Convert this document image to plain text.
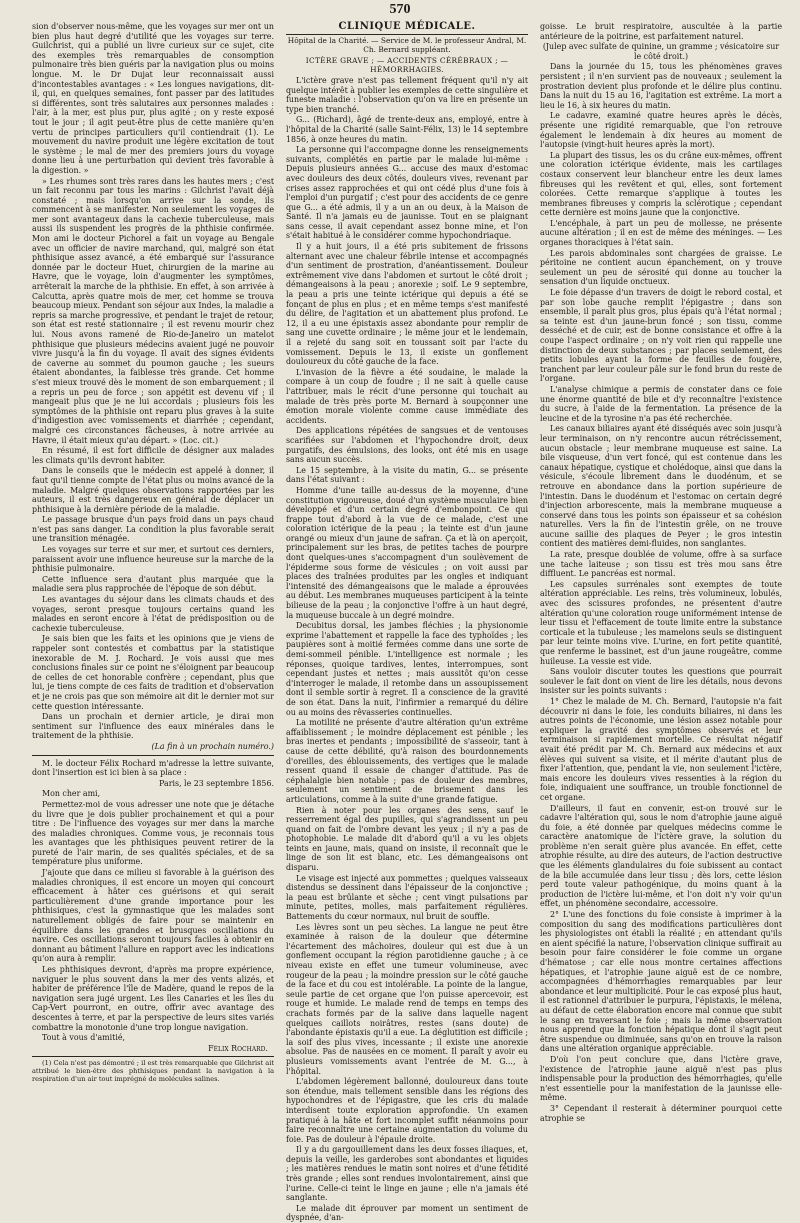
570

sion d'observer nous-même, que les voyages sur mer ont un bien plus haut degré d'utilité que les voyages sur terre. Guilchrist, qui a publié un livre curieux sur ce sujet, cite des exemples très remarquables de consomption pulmonaire très bien guéris par la navigation plus ou moins longue. M. le Dr Dujat leur reconnaissait aussi d'incontestables avantages : « Les longues navigations, dit-il, qui, en quelques semaines, font passer par des latitudes si différentes, sont très salutaires aux personnes malades : l'air, à la mer, est plus pur, plus agité ; on y reste exposé tout le jour ; il agit peut-être plus de cette manière qu'en vertu de principes particuliers qu'il contiendrait (1). Le mouvement du navire produit une légère excitation de tout le système ; le mal de mer des premiers jours du voyage donne lieu à une perturbation qui devient très favorable à la digestion. »

» Les rhumes sont très rares dans les hautes mers ; c'est un fait reconnu par tous les marins : Gilchrist l'avait déjà constaté ; mais lorsqu'on arrive sur la sonde, ils commencent à se manifester. Non seulement les voyages de mer sont avantageux dans la cachexie tuberculeuse, mais aussi ils suspendent les progrès de la phthisie confirmée. Mon ami le docteur Pichorel a fait un voyage au Bengale avec un officier de navire marchand, qui, malgré son état phthisique assez avancé, a été embarqué sur l'assurance donnée par le docteur Huet, chirurgien de la marine au Havre, que le voyage, loin d'augmenter les symptômes, arrêterait la marche de la phthisie. En effet, à son arrivée à Calcutta, après quatre mois de mer, cet homme se trouva beaucoup mieux. Pendant son séjour aux Indes, la maladie a repris sa marche progressive, et pendant le trajet de retour, son état est resté stationnaire ; il est revenu mourir chez lui. Nous avons ramené de Rio-de-Janeiro un matelot phthisique que plusieurs médecins avaient jugé ne pouvoir vivre jusqu'à la fin du voyage. Il avait des signes évidents de caverne au sommet du poumon gauche ; les sueurs étaient abondantes, la faiblesse très grande. Cet homme s'est mieux trouvé dès le moment de son embarquement ; il a repris un peu de force ; son appétit est devenu vif ; il mangeait plus que je ne lui accordais ; plusieurs fois les symptômes de la phthisie ont reparu plus graves à la suite d'indigestion avec vomissements et diarrhée ; cependant, malgré ces circonstances fâcheuses, à notre arrivée au Havre, il était mieux qu'au départ. » (Loc. cit.)

En résumé, il est fort difficile de désigner aux malades les climats qu'ils devront habiter.

Dans le conseils que le médecin est appelé à donner, il faut qu'il tienne compte de l'état plus ou moins avancé de la maladie. Malgré quelques observations rapportées par les auteurs, il est très dangereux en général de déplacer un phthisique à la dernière période de la maladie.

Le passage brusque d'un pays froid dans un pays chaud n'est pas sans danger. La condition la plus favorable serait une transition ménagée.

Les voyages sur terre et sur mer, et surtout ces derniers, paraissent avoir une influence heureuse sur la marche de la phthisie pulmonaire.

Cette influence sera d'autant plus marquée que la maladie sera plus rapprochée de l'époque de son début.

Les avantages du séjour dans les climats chauds et des voyages, seront presque toujours certains quand les malades en seront encore à l'état de prédisposition ou de cachexie tuberculeuse.

Je sais bien que les faits et les opinions que je viens de rappeler sont contestés et combattus par la statistique inexorable de M. J. Rochard. Je vois aussi que mes conclusions finales sur ce point ne s'éloignent par beaucoup de celles de cet honorable confrère ; cependant, plus que lui, je tiens compte de ces faits de tradition et d'observation et je ne crois pas que son mémoire ait dit le dernier mot sur cette question intéressante.

Dans un prochain et dernier article, je dirai mon sentiment sur l'influence des eaux minérales dans le traitement de la phthisie.

(La fin à un prochain numéro.)

M. le docteur Félix Rochard m'adresse la lettre suivante, dont l'insertion est ici bien à sa place :

Paris, le 23 septembre 1856.

Mon cher ami,

Permettez-moi de vous adresser une note que je détache du livre que je dois publier prochainement et qui a pour titre : De l'influence des voyages sur mer dans la marche des maladies chroniques. Comme vous, je reconnais tous les avantages que les phthisiques peuvent retirer de la pureté de l'air marin, de ses qualités spéciales, et de sa température plus uniforme.

J'ajoute que dans ce milieu si favorable à la guérison des maladies chroniques, il est encore un moyen qui concourt efficacement à hâter ces guérisons et qui serait particulièrement d'une grande importance pour les phthisiques, c'est la gymnastique que les malades sont naturellement obligés de faire pour se maintenir en équilibre dans les grandes et brusques oscillations du navire. Ces oscillations seront toujours faciles à obtenir en donnant au bâtiment l'allure en rapport avec les indications qu'on aura à remplir.

Les phthisiques devront, d'après ma propre expérience, naviguer le plus souvent dans la mer des vents alizés, et habiter de préférence l'île de Madère, quand le repos de la navigation sera jugé urgent. Les îles Canaries et les îles du Cap-Vert pourront, en outre, offrir avec avantage des descentes à terre, et par la perspective de leurs sites variés combattre la monotonie d'une trop longue navigation.

Tout à vous d'amitié,

Félix Rochard.

(1) Cela n'est pas démontré ; il est très remarquable que Gilchrist ait attribué le bien-être des phthisiques pendant la navigation à la respiration d'un air tout imprégné de molécules salines.

CLINIQUE MÉDICALE.

Hôpital de la Charité. — Service de M. le professeur Andral, M. Ch. Bernard suppléant.

ICTÈRE GRAVE ; — ACCIDENTS CÉRÉBRAUX ; — HÉMORRHAGIES.

L'ictère grave n'est pas tellement fréquent qu'il n'y ait quelque intérêt à publier les exemples de cette singulière et funeste maladie : l'observation qu'on va lire en présente un type bien tranché.

G... (Richard), âgé de trente-deux ans, employé, entre à l'hôpital de la Charité (salle Saint-Félix, 13) le 14 septembre 1856, à onze heures du matin.

La personne qui l'accompagne donne les renseignements suivants, complétés en partie par le malade lui-même : Depuis plusieurs années G... accuse des maux d'estomac avec douleurs des deux côtés, douleurs vives, revenant par crises assez rapprochées et qui ont cédé plus d'une fois à l'emploi d'un purgatif ; c'est pour des accidents de ce genre que G... a été admis, il y a un an ou deux, à la Maison de Santé. Il n'a jamais eu de jaunisse. Tout en se plaignant sans cesse, il avait cependant assez bonne mine, et l'on s'était habitué à le considérer comme hypochondriaque.

Il y a huit jours, il a été pris subitement de frissons alternant avec une chaleur fébrile intense et accompagnés d'un sentiment de prostration, d'anéantissement. Douleur extrêmement vive dans l'abdomen et surtout le côté droit ; démangeaisons à la peau ; anorexie ; soif. Le 9 septembre, la peau a pris une teinte ictérique qui depuis a été se fonçant de plus en plus ; et en même temps s'est manifesté du délire, de l'agitation et un abattement plus profond. Le 12, il a eu une épistaxis assez abondante pour remplir de sang une cuvette ordinaire ; le même jour et le lendemain, il a rejeté du sang soit en toussant soit par l'acte du vomissement. Depuis le 13, il existe un gonflement douloureux du côté gauche de la face.

L'invasion de la fièvre a été soudaine, le malade la compare à un coup de foudre ; il ne sait à quelle cause l'attribuer, mais le récit d'une personne qui touchait au malade de très près porte M. Bernard à soupçonner une émotion morale violente comme cause immédiate des accidents.

Des applications répétées de sangsues et de ventouses scarifiées sur l'abdomen et l'hypochondre droit, deux purgatifs, des émulsions, des looks, ont été mis en usage sans aucun succès.

Le 15 septembre, à la visite du matin, G... se présente dans l'état suivant :

Homme d'une taille au-dessus de la moyenne, d'une constitution vigoureuse, doué d'un système musculaire bien développé et d'un certain degré d'embonpoint. Ce qui frappe tout d'abord à la vue de ce malade, c'est une coloration ictérique de la peau ; la teinte est d'un jaune orangé ou mieux d'un jaune de safran. Ça et là on aperçoit, principalement sur les bras, de petites taches de pourpre dont quelques-unes s'accompagnent d'un soulèvement de l'épiderme sous forme de vésicules ; on voit aussi par places des traînées produites par les ongles et indiquant l'intensité des démangeaisons que le malade a éprouvées au début. Les membranes muqueuses participent à la teinte bilieuse de la peau ; la conjonctive l'offre à un haut degré, la muqueuse buccale à un degré moindre.

Decubitus dorsal, les jambes fléchies ; la physionomie exprime l'abattement et rappelle la face des typhoïdes ; les paupières sont à moitié fermées comme dans une sorte de demi-sommeil pénible. L'intelligence est normale ; les réponses, quoique tardives, lentes, interrompues, sont cependant justes et nettes ; mais aussitôt qu'on cesse d'interroger le malade, il retombe dans un assoupissement dont il semble sortir à regret. Il a conscience de la gravité de son état. Dans la nuit, l'infirmier a remarqué du délire ou au moins des rêvasseries continuelles.

La motilité ne présente d'autre altération qu'un extrême affaiblissement ; le moindre déplacement est pénible ; les bras inertes et pendants ; impossibilité de s'asseoir, tant à cause de cette débilité, qu'à raison des bourdonnements d'oreilles, des éblouissements, des vertiges que le malade ressent quand il essaie de changer d'attitude. Pas de céphalalgie bien notable ; pas de douleur des membres, seulement un sentiment de brisement dans les articulations, comme à la suite d'une grande fatigue.

Rien à noter pour les organes des sens, sauf le resserrement égal des pupilles, qui s'agrandissent un peu quand on fait de l'ombre devant les yeux ; il n'y a pas de photophobie. Le malade dit d'abord qu'il a vu les objets teints en jaune, mais, quand on insiste, il reconnaît que le linge de son lit est blanc, etc. Les démangeaisons ont disparu.

Le visage est injecté aux pommettes ; quelques vaisseaux distendus se dessinent dans l'épaisseur de la conjonctive ; la peau est brûlante et sèche ; cent vingt pulsations par minute, petites, molles, mais parfaitement régulières. Battements du cœur normaux, nul bruit de souffle.

Les lèvres sont un peu sèches. La langue ne peut être examinée à raison de la douleur que détermine l'écartement des mâchoires, douleur qui est due à un gonflement occupant la région parotidienne gauche ; à ce niveau existe en effet une tumeur volumineuse, avec rougeur de la peau ; la moindre pression sur le côté gauche de la face et du cou est intolérable. La pointe de la langue, seule partie de cet organe que l'on puisse apercevoir, est rouge et humide. Le malade rend de temps en temps des crachats formés par de la salive dans laquelle nagent quelques caillots noirâtres, restes (sans doute) de l'abondante épistaxis qu'il a eue. La déglutition est difficile ; la soif des plus vives, incessante ; il existe une anorexie absolue. Pas de nausées en ce moment. Il paraît y avoir eu plusieurs vomissements avant l'entrée de M. G..., à l'hôpital.

L'abdomen légèrement ballonné, douloureux dans toute son étendue, mais tellement sensible dans les régions des hypochondres et de l'épigastre, que les cris du malade interdisent toute exploration approfondie. Un examen pratiqué à la hâte et fort incomplet suffit néanmoins pour faire reconnaître une certaine augmentation du volume du foie. Pas de douleur à l'épaule droite.

Il y a du gargouillement dans les deux fosses iliaques, et, depuis la veille, les garderobes sont abondantes et liquides ; les matières rendues le matin sont noires et d'une fétidité très grande ; elles sont rendues involontairement, ainsi que l'urine. Celle-ci teint le linge en jaune ; elle n'a jamais été sanglante.

Le malade dit éprouver par moment un sentiment de dyspnée, d'an-

goisse. Le bruit respiratoire, auscultée à la partie antérieure de la poitrine, est parfaitement naturel.

(Julep avec sulfate de quinine, un gramme ; vésicatoire sur le côté droit.)

Dans la journée du 15, tous les phénomènes graves persistent ; il n'en survient pas de nouveaux ; seulement la prostration devient plus profonde et le délire plus continu. Dans la nuit du 15 au 16, l'agitation est extrême. La mort a lieu le 16, à six heures du matin.

Le cadavre, examiné quatre heures après le décès, présente une rigidité remarquable, que l'on retrouve également le lendemain à dix heures au moment de l'autopsie (vingt-huit heures après la mort).

La plupart des tissus, les os du crâne eux-mêmes, offrent une coloration ictérique évidente, mais les cartilages costaux conservent leur blancheur entre les deux lames fibreuses qui les revêtent et qui, elles, sont fortement colorées. Cette remarque s'applique à toutes les membranes fibreuses y compris la sclérotique ; cependant cette dernière est moins jaune que la conjonctive.

L'encéphale, à part un peu de mollesse, ne présente aucune altération ; il en est de même des méninges. — Les organes thoraciques à l'état sain.

Les parois abdominales sont chargées de graisse. Le péritoine ne contient aucun épanchement, on y trouve seulement un peu de sérosité qui donne au toucher la sensation d'un liquide onctueux.

Le foie dépasse d'un travers de doigt le rebord costal, et par son lobe gauche remplit l'épigastre ; dans son ensemble, il paraît plus gros, plus épais qu'à l'état normal ; sa teinte est d'un jaune-brun foncé ; son tissu, comme desséché et de cuir, est de bonne consistance et offre à la coupe l'aspect ordinaire ; on n'y voit rien qui rappelle une distinction de deux substances ; par places seulement, des petits lobules ayant la forme de feuilles de fougère, tranchent par leur couleur pâle sur le fond brun du reste de l'organe.

L'analyse chimique a permis de constater dans ce foie une énorme quantité de bile et d'y reconnaître l'existence du sucre, à l'aide de la fermentation. La présence de la leucine et de la tyrosine n'a pas été recherchée.

Les canaux biliaires ayant été disséqués avec soin jusqu'à leur terminaison, on n'y rencontre aucun rétrécissement, aucun obstacle ; leur membrane muqueuse est saine. La bile visqueuse, d'un vert foncé, qui est contenue dans les canaux hépatique, cystique et cholédoque, ainsi que dans la vésicule, s'écoule librement dans le duodénum, et se retrouve en abondance dans la portion supérieure de l'intestin. Dans le duodénum et l'estomac on certain degré d'injection arborescente, mais la membrane muqueuse a conservé dans tous les points son épaisseur et sa cohésion naturelles. Vers la fin de l'intestin grêle, on ne trouve aucune saillie des plaques de Peyer ; le gros intestin contient des matières demi-fluides, non sanglantes.

La rate, presque doublée de volume, offre à sa surface une tache laiteuse ; son tissu est très mou sans être diffluent. Le pancréas est normal.

Les capsules surrénales sont exemptes de toute altération appréciable. Les reins, très volumineux, lobulés, avec des scissures profondes, ne présentent d'autre altération qu'une coloration rouge uniformément intense de leur tissu et l'effacement de toute limite entre la substance corticale et la tubuleuse ; les mamelons seuls se distinguent par leur teinte moins vive. L'urine, en fort petite quantité, que renferme le bassinet, est d'un jaune rougeâtre, comme huileuse. La vessie est vide.

Sans vouloir discuter toutes les questions que pourrait soulever le fait dont on vient de lire les détails, nous devons insister sur les points suivants :

1° Chez le malade de M. Ch. Bernard, l'autopsie n'a fait découvrir ni dans le foie, les conduits biliaires, ni dans les autres points de l'économie, une lésion assez notable pour expliquer la gravité des symptômes observés et leur terminaison si rapidement mortelle. Ce résultat négatif avait été prédit par M. Ch. Bernard aux médecins et aux élèves qui suivent sa visite, et il mérite d'autant plus de fixer l'attention, que, pendant la vie, non seulement l'ictère, mais encore les douleurs vives ressenties à la région du foie, indiquaient une souffrance, un trouble fonctionnel de cet organe.

D'ailleurs, il faut en convenir, est-on trouvé sur le cadavre l'altération qui, sous le nom d'atrophie jaune aiguë du foie, a été donnée par quelques médecins comme le caractère anatomique de l'ictère grave, la solution du problème n'en serait guère plus avancée. En effet, cette atrophie résulte, au dire des auteurs, de l'action destructive que les éléments glandulaires du foie subissent au contact de la bile accumulée dans leur tissu ; dès lors, cette lésion perd toute valeur pathogénique, du moins quant à la production de l'ictère lui-même, et l'on doit n'y voir qu'un effet, un phénomène secondaire, accessoire.

2° L'une des fonctions du foie consiste à imprimer à la composition du sang des modifications particulières dont les physiologistes ont établi la réalité ; en attendant qu'ils en aient spécifié la nature, l'observation clinique suffirait au besoin pour faire considérer le foie comme un organe d'hématose ; car elle nous montre certaines affections hépatiques, et l'atrophie jaune aiguë est de ce nombre, accompagnées d'hémorrhagies remarquables par leur abondance et leur multiplicité. Pour le cas exposé plus haut, il est rationnel d'attribuer le purpura, l'épistaxis, le mélena, au défaut de cette élaboration encore mal connue que subit le sang en traversant le foie ; mais la même observation nous apprend que la fonction hépatique dont il s'agit peut être suspendue ou diminuée, sans qu'on en trouve la raison dans une altération organique appréciable.

D'où l'on peut conclure que, dans l'ictère grave, l'existence de l'atrophie jaune aiguë n'est pas plus indispensable pour la production des hémorrhagies, qu'elle n'est essentielle pour la manifestation de la jaunisse elle-même.

3° Cependant il resterait à déterminer pourquoi cette atrophie se
